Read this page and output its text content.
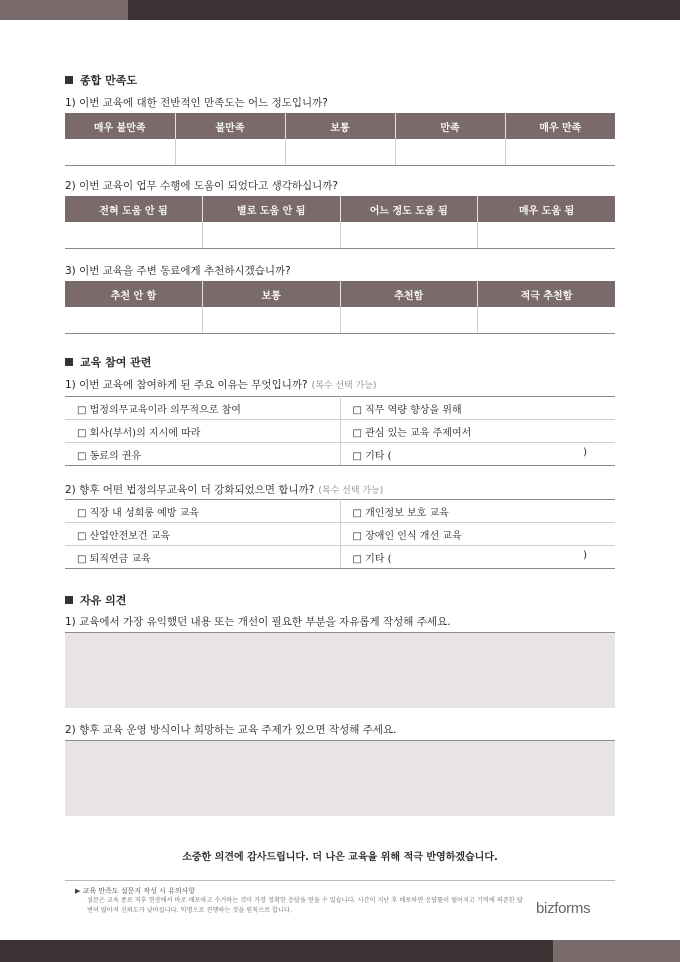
종합 만족도
1) 이번 교육에 대한 전반적인 만족도는 어느 정도입니까?
매우 불만족	불만족	보통	만족	매우 만족

2) 이번 교육이 업무 수행에 도움이 되었다고 생각하십니까?
전혀 도움 안 됨	별로 도움 안 됨	어느 정도 도움 됨	매우 도움 됨

3) 이번 교육을 주변 동료에게 추천하시겠습니까?
추천 안 함	보통	추천함	적극 추천함

교육 참여 관련
1) 이번 교육에 참여하게 된 주요 이유는 무엇입니까? (복수 선택 가능)
□ 법정의무교육이라 의무적으로 참여	□ 직무 역량 향상을 위해
□ 회사(부서)의 지시에 따라	□ 관심 있는 교육 주제여서
□ 동료의 권유	□ 기타 ( )
2) 향후 어떤 법정의무교육이 더 강화되었으면 합니까? (복수 선택 가능)
□ 직장 내 성희롱 예방 교육	□ 개인정보 보호 교육
□ 산업안전보건 교육	□ 장애인 인식 개선 교육
□ 퇴직연금 교육	□ 기타 ( )
자유 의견
1) 교육에서 가장 유익했던 내용 또는 개선이 필요한 부분을 자유롭게 작성해 주세요.
2) 향후 교육 운영 방식이나 희망하는 교육 주제가 있으면 작성해 주세요.
소중한 의견에 감사드립니다. 더 나은 교육을 위해 적극 반영하겠습니다.
▶ 교육 만족도 설문지 작성 시 유의사항
설문은 교육 종료 직후 현장에서 바로 배포하고 수거하는 것이 가장 정확한 응답을 얻을 수 있습니다. 시간이 지난 후 배포하면 응답률이 떨어지고 기억에 의존한 답변이 많아져 신뢰도가 낮아집니다. 익명으로 진행하는 것을 원칙으로 합니다.	bizforms
